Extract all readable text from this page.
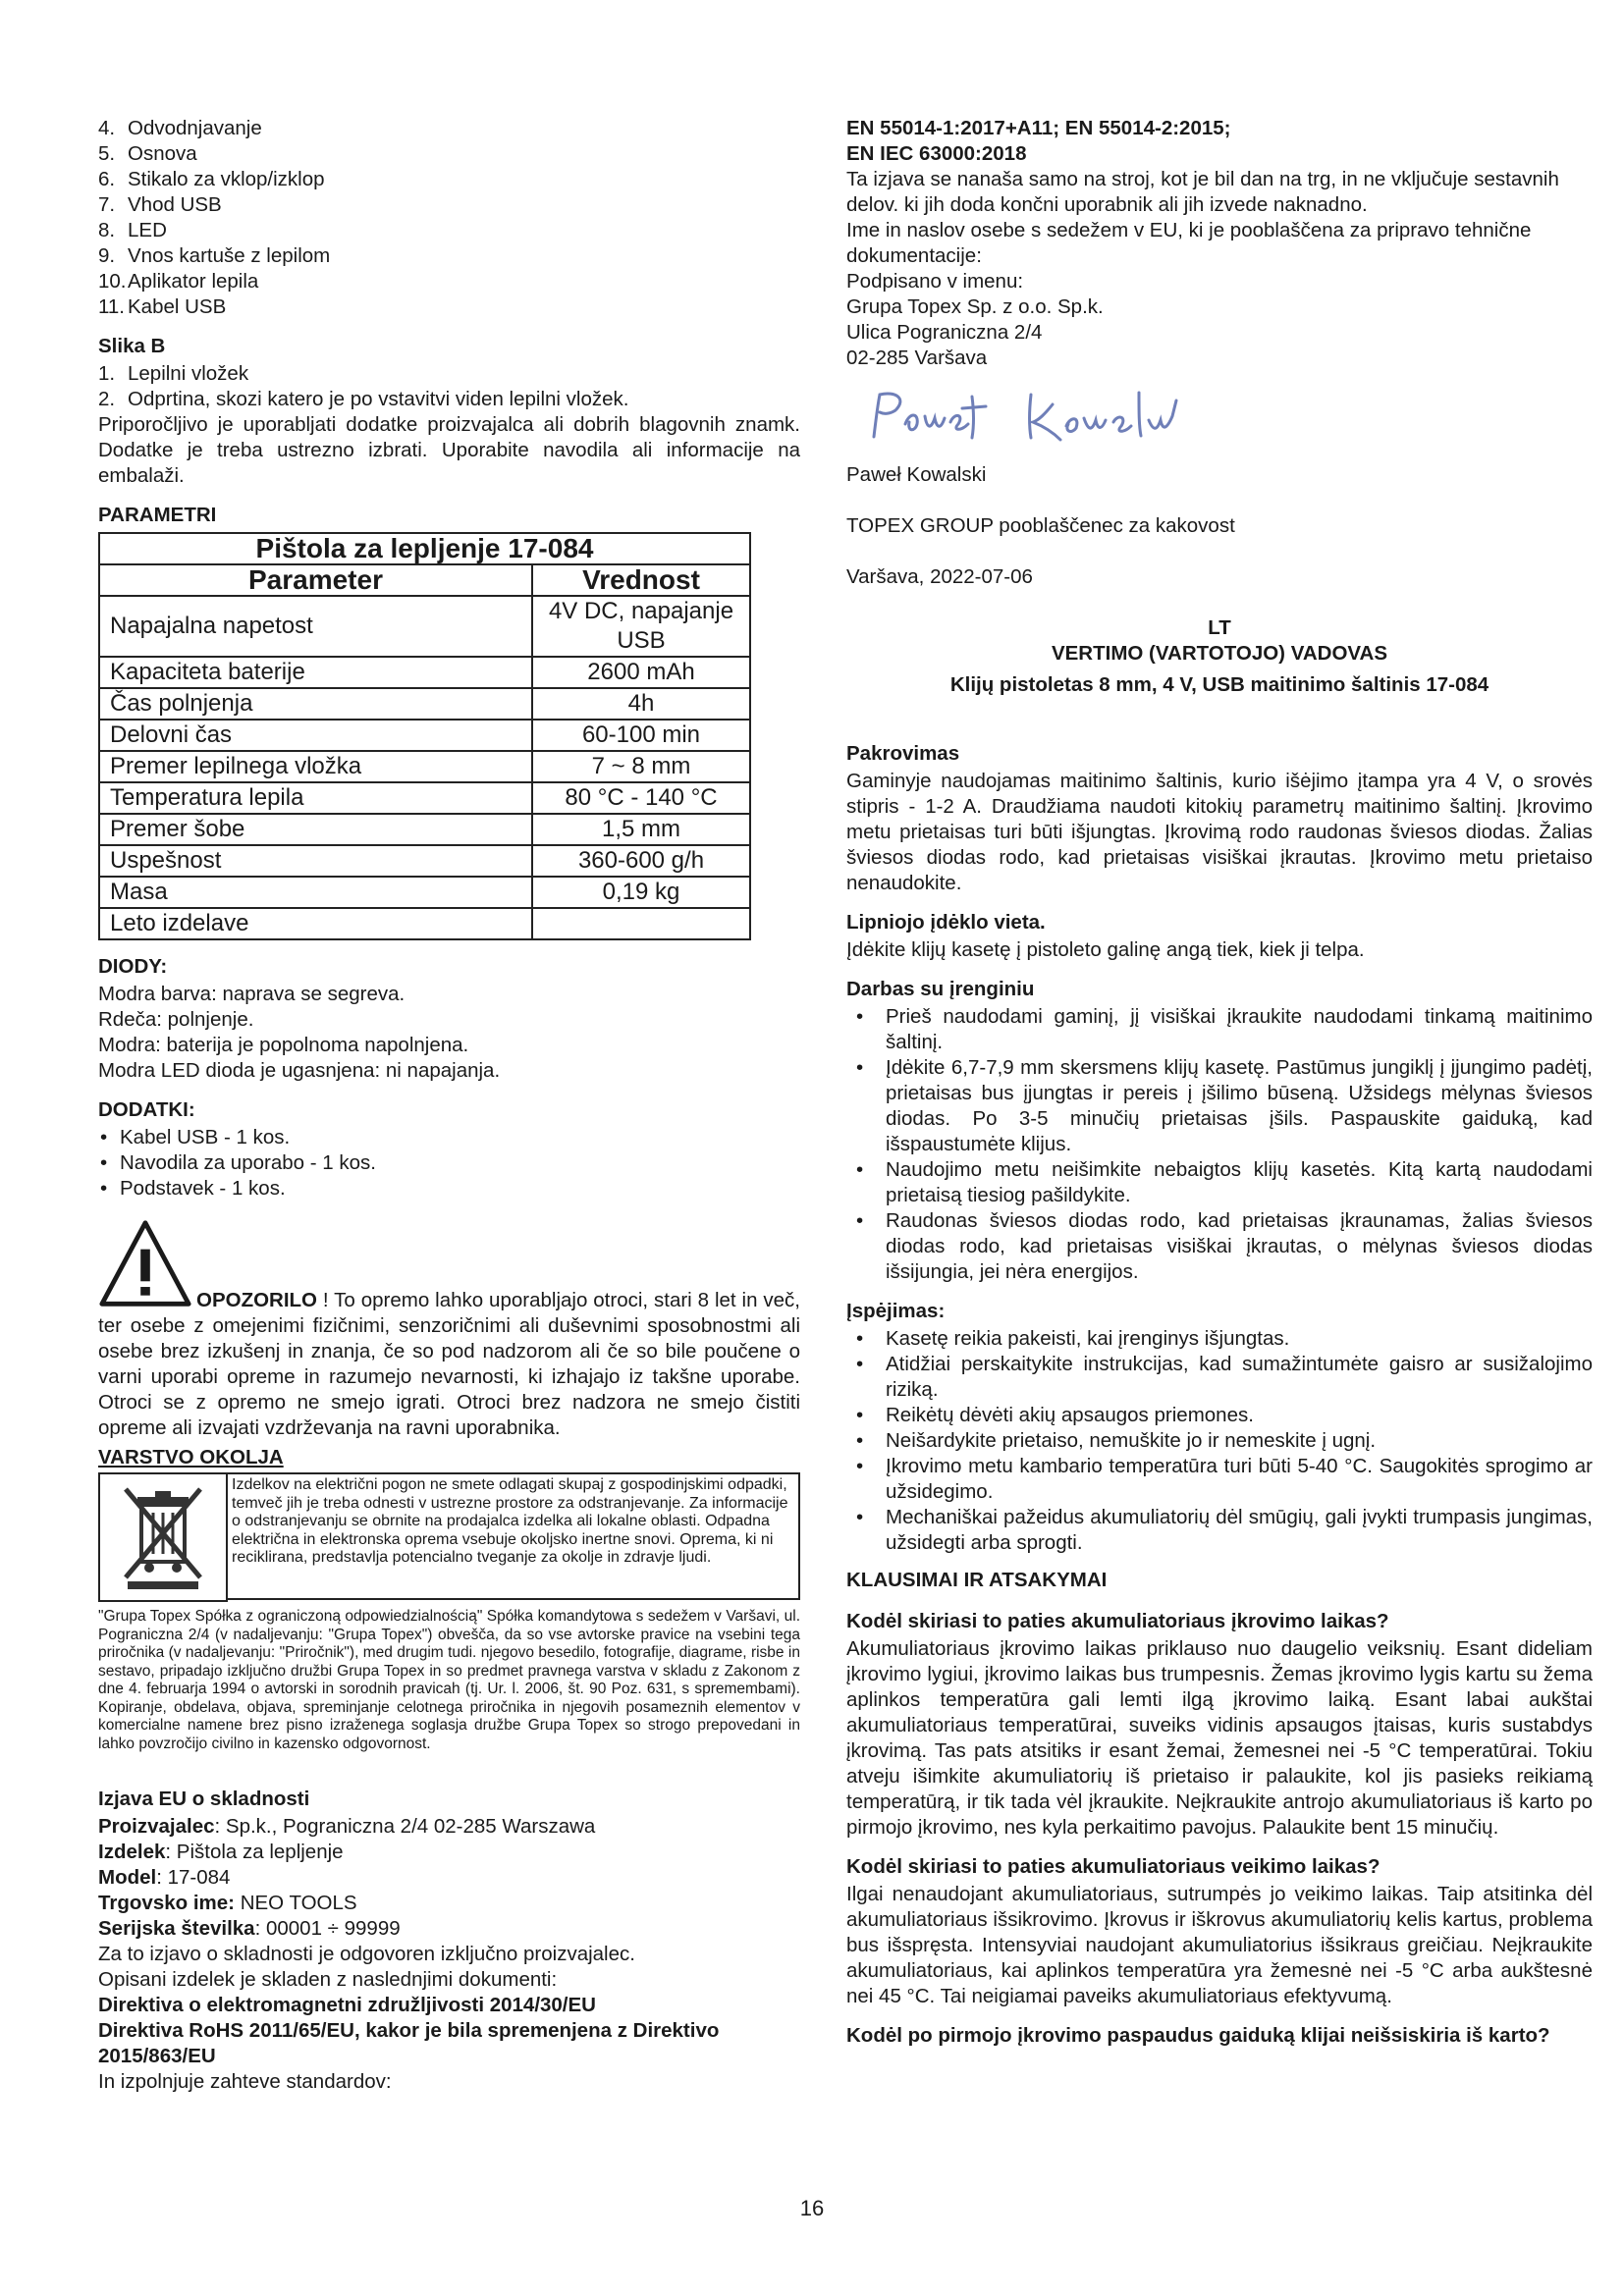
4. Odvodnjavanje
5. Osnova
6. Stikalo za vklop/izklop
7. Vhod USB
8. LED
9. Vnos kartuše z lepilom
10.Aplikator lepila
11. Kabel USB
Slika B
1. Lepilni vložek
2. Odprtina, skozi katero je po vstavitvi viden lepilni vložek.

Priporočljivo je uporabljati dodatke proizvajalca ali dobrih blagovnih znamk. Dodatke je treba ustrezno izbrati. Uporabite navodila ali informacije na embalaži.

PARAMETRI
Pištola za lepljenje 17-084	
Parameter	Vrednost
Napajalna napetost	4V DC, napajanje USB
Kapaciteta baterije	2600 mAh
Čas polnjenja	4h
Delovni čas	60-100 min
Premer lepilnega vložka	7 ~ 8 mm
Temperatura lepila	80 °C - 140 °C
Premer šobe	1,5 mm
Uspešnost	360-600 g/h
Masa	0,19 kg
Leto izdelave	
DIODY:

Modra barva: naprava se segreva.

Rdeča: polnjenje.

Modra: baterija je popolnoma napolnjena.

Modra LED dioda je ugasnjena: ni napajanja.

DODATKI:
• Kabel USB - 1 kos.
• Navodila za uporabo - 1 kos.
• Podstavek - 1 kos.
OPOZORILO ! To opremo lahko uporabljajo otroci, stari 8 let in več, ter osebe z omejenimi fizičnimi, senzoričnimi ali duševnimi sposobnostmi ali osebe brez izkušenj in znanja, če so pod nadzorom ali če so bile poučene o varni uporabi opreme in razumejo nevarnosti, ki izhajajo iz takšne uporabe. Otroci se z opremo ne smejo igrati. Otroci brez nadzora ne smejo čistiti opreme ali izvajati vzdrževanja na ravni uporabnika.
VARSTVO OKOLJA
Izdelkov na električni pogon ne smete odlagati skupaj z gospodinjskimi odpadki, temveč jih je treba odnesti v ustrezne prostore za odstranjevanje. Za informacije o odstranjevanju se obrnite na prodajalca izdelka ali lokalne oblasti. Odpadna električna in elektronska oprema vsebuje okoljsko inertne snovi. Oprema, ki ni reciklirana, predstavlja potencialno tveganje za okolje in zdravje ljudi.

"Grupa Topex Spółka z ograniczoną odpowiedzialnością" Spółka komandytowa s sedežem v Varšavi, ul. Pograniczna 2/4 (v nadaljevanju: "Grupa Topex") obvešča, da so vse avtorske pravice na vsebini tega priročnika (v nadaljevanju: "Priročnik"), med drugim tudi. njegovo besedilo, fotografije, diagrame, risbe in sestavo, pripadajo izključno družbi Grupa Topex in so predmet pravnega varstva v skladu z Zakonom z dne 4. februarja 1994 o avtorski in sorodnih pravicah (tj. Ur. l. 2006, št. 90 Poz. 631, s spremembami). Kopiranje, obdelava, objava, spreminjanje celotnega priročnika in njegovih posameznih elementov v komercialne namene brez pisno izraženega soglasja družbe Grupa Topex so strogo prepovedani in lahko povzročijo civilno in kazensko odgovornost.

Izjava EU o skladnosti

Proizvajalec: Sp.k., Pograniczna 2/4 02-285 Warszawa

Izdelek: Pištola za lepljenje

Model: 17-084

Trgovsko ime: NEO TOOLS

Serijska številka: 00001 ÷ 99999

Za to izjavo o skladnosti je odgovoren izključno proizvajalec.

Opisani izdelek je skladen z naslednjimi dokumenti:

Direktiva o elektromagnetni združljivosti 2014/30/EU

Direktiva RoHS 2011/65/EU, kakor je bila spremenjena z Direktivo 2015/863/EU

In izpolnjuje zahteve standardov:

EN 55014-1:2017+A11; EN 55014-2:2015;

EN IEC 63000:2018

Ta izjava se nanaša samo na stroj, kot je bil dan na trg, in ne vključuje sestavnih delov. ki jih doda končni uporabnik ali jih izvede naknadno.

Ime in naslov osebe s sedežem v EU, ki je pooblaščena za pripravo tehnične dokumentacije:

Podpisano v imenu:

Grupa Topex Sp. z o.o. Sp.k.

Ulica Pograniczna 2/4

02-285 Varšava

Paweł Kowalski

TOPEX GROUP pooblaščenec za kakovost

Varšava, 2022-07-06

LT

VERTIMO (VARTOTOJO) VADOVAS

Klijų pistoletas 8 mm, 4 V, USB maitinimo šaltinis 17-084

Pakrovimas

Gaminyje naudojamas maitinimo šaltinis, kurio išėjimo įtampa yra 4 V, o srovės stipris - 1-2 A. Draudžiama naudoti kitokių parametrų maitinimo šaltinį. Įkrovimo metu prietaisas turi būti išjungtas. Įkrovimą rodo raudonas šviesos diodas. Žalias šviesos diodas rodo, kad prietaisas visiškai įkrautas. Įkrovimo metu prietaiso nenaudokite.

Lipniojo įdėklo vieta.

Įdėkite klijų kasetę į pistoleto galinę angą tiek, kiek ji telpa.

Darbas su įrenginiu
• Prieš naudodami gaminį, jį visiškai įkraukite naudodami tinkamą maitinimo šaltinį.
• Įdėkite 6,7-7,9 mm skersmens klijų kasetę. Pastūmus jungiklį į įjungimo padėtį, prietaisas bus įjungtas ir pereis į įšilimo būseną. Užsidegs mėlynas šviesos diodas. Po 3-5 minučių prietaisas įšils. Paspauskite gaiduką, kad išspaustumėte klijus.
• Naudojimo metu neišimkite nebaigtos klijų kasetės. Kitą kartą naudodami prietaisą tiesiog pašildykite.
• Raudonas šviesos diodas rodo, kad prietaisas įkraunamas, žalias šviesos diodas rodo, kad prietaisas visiškai įkrautas, o mėlynas šviesos diodas išsijungia, jei nėra energijos.
Įspėjimas:
• Kasetę reikia pakeisti, kai įrenginys išjungtas.
• Atidžiai perskaitykite instrukcijas, kad sumažintumėte gaisro ar susižalojimo riziką.
• Reikėtų dėvėti akių apsaugos priemones.
• Neišardykite prietaiso, nemuškite jo ir nemeskite į ugnį.
• Įkrovimo metu kambario temperatūra turi būti 5-40 °C. Saugokitės sprogimo ar užsidegimo.
• Mechaniškai pažeidus akumuliatorių dėl smūgių, gali įvykti trumpasis jungimas, užsidegti arba sprogti.
KLAUSIMAI IR ATSAKYMAI
Kodėl skiriasi to paties akumuliatoriaus įkrovimo laikas?

Akumuliatoriaus įkrovimo laikas priklauso nuo daugelio veiksnių. Esant dideliam įkrovimo lygiui, įkrovimo laikas bus trumpesnis. Žemas įkrovimo lygis kartu su žema aplinkos temperatūra gali lemti ilgą įkrovimo laiką. Esant labai aukštai akumuliatoriaus temperatūrai, suveiks vidinis apsaugos įtaisas, kuris sustabdys įkrovimą. Tas pats atsitiks ir esant žemai, žemesnei nei -5 °C temperatūrai. Tokiu atveju išimkite akumuliatorių iš prietaiso ir palaukite, kol jis pasieks reikiamą temperatūrą, ir tik tada vėl įkraukite. Neįkraukite antrojo akumuliatoriaus iš karto po pirmojo įkrovimo, nes kyla perkaitimo pavojus. Palaukite bent 15 minučių.

Kodėl skiriasi to paties akumuliatoriaus veikimo laikas?

Ilgai nenaudojant akumuliatoriaus, sutrumpės jo veikimo laikas. Taip atsitinka dėl akumuliatoriaus išsikrovimo. Įkrovus ir iškrovus akumuliatorių kelis kartus, problema bus išspręsta. Intensyviai naudojant akumuliatorius išsikraus greičiau. Neįkraukite akumuliatoriaus, kai aplinkos temperatūra yra žemesnė nei -5 °C arba aukštesnė nei 45 °C. Tai neigiamai paveiks akumuliatoriaus efektyvumą.

Kodėl po pirmojo įkrovimo paspaudus gaiduką klijai neišsiskiria iš karto?
16
